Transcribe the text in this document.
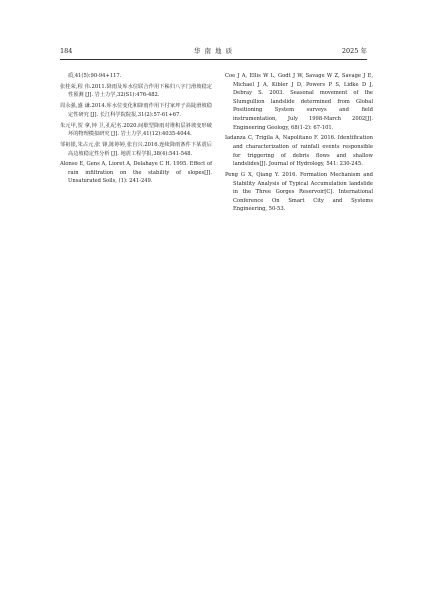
184	华 南 地 质	2025 年

质,41(5):90-94+117.

张桂荣,程 伟.2011.降雨及库水位联合作用下秭归八字门滑坡稳定性预测 [J]. 岩土力学,32(S1):476-482.

周永强,盛 谦.2014.库水位变化和降雨作用下付家坪子高陡滑坡稳定性研究 [J]. 长江科学院院报,31(2):57-61+67.

朱元甲,贺 拿,钟 卫,孔纪名.2020.间歇型降雨对堆积层斜坡变形破坏的物理模拟研究 [J]. 岩土力学,41(12):4035-4044.

邹祖银,朱占元,张 锋,陈婷婷,张自兴.2016.连续降雨条件下某震后高边坡稳定性分析 [J]. 地震工程学报,38(4):541-548.

Alonso E, Gens A, Lioret A, Delahaye C H. 1995. Effect of rain infiltration on the stability of slopes[J]. Unsaturated Soils, (1): 241-249.

Coe J A, Ellis W L, Godt J W, Savage W Z, Savage J E, Michael J A, Kibler J D, Powers P S, Lidke D J, Debray S. 2003. Seasonal movement of the Slumgullion landslide determined from Global Positioning System surveys and field instrumentation, July 1998-March 2002[J]. Engineering Geology, 68(1-2): 67-101.

Iadanza C, Trigila A, Napolitano F. 2016. Identification and characterization of rainfall events responsible for triggering of debris flows and shallow landslides[J]. Journal of Hydrology, 541: 230-245.

Peng G X, Qiang Y. 2016. Formation Mechanism and Stability Analysis of Typical Accumulation landslide in the Three Gorges Reservoir[C]. International Conference On Smart City and Systems Engineering, 50-53.
